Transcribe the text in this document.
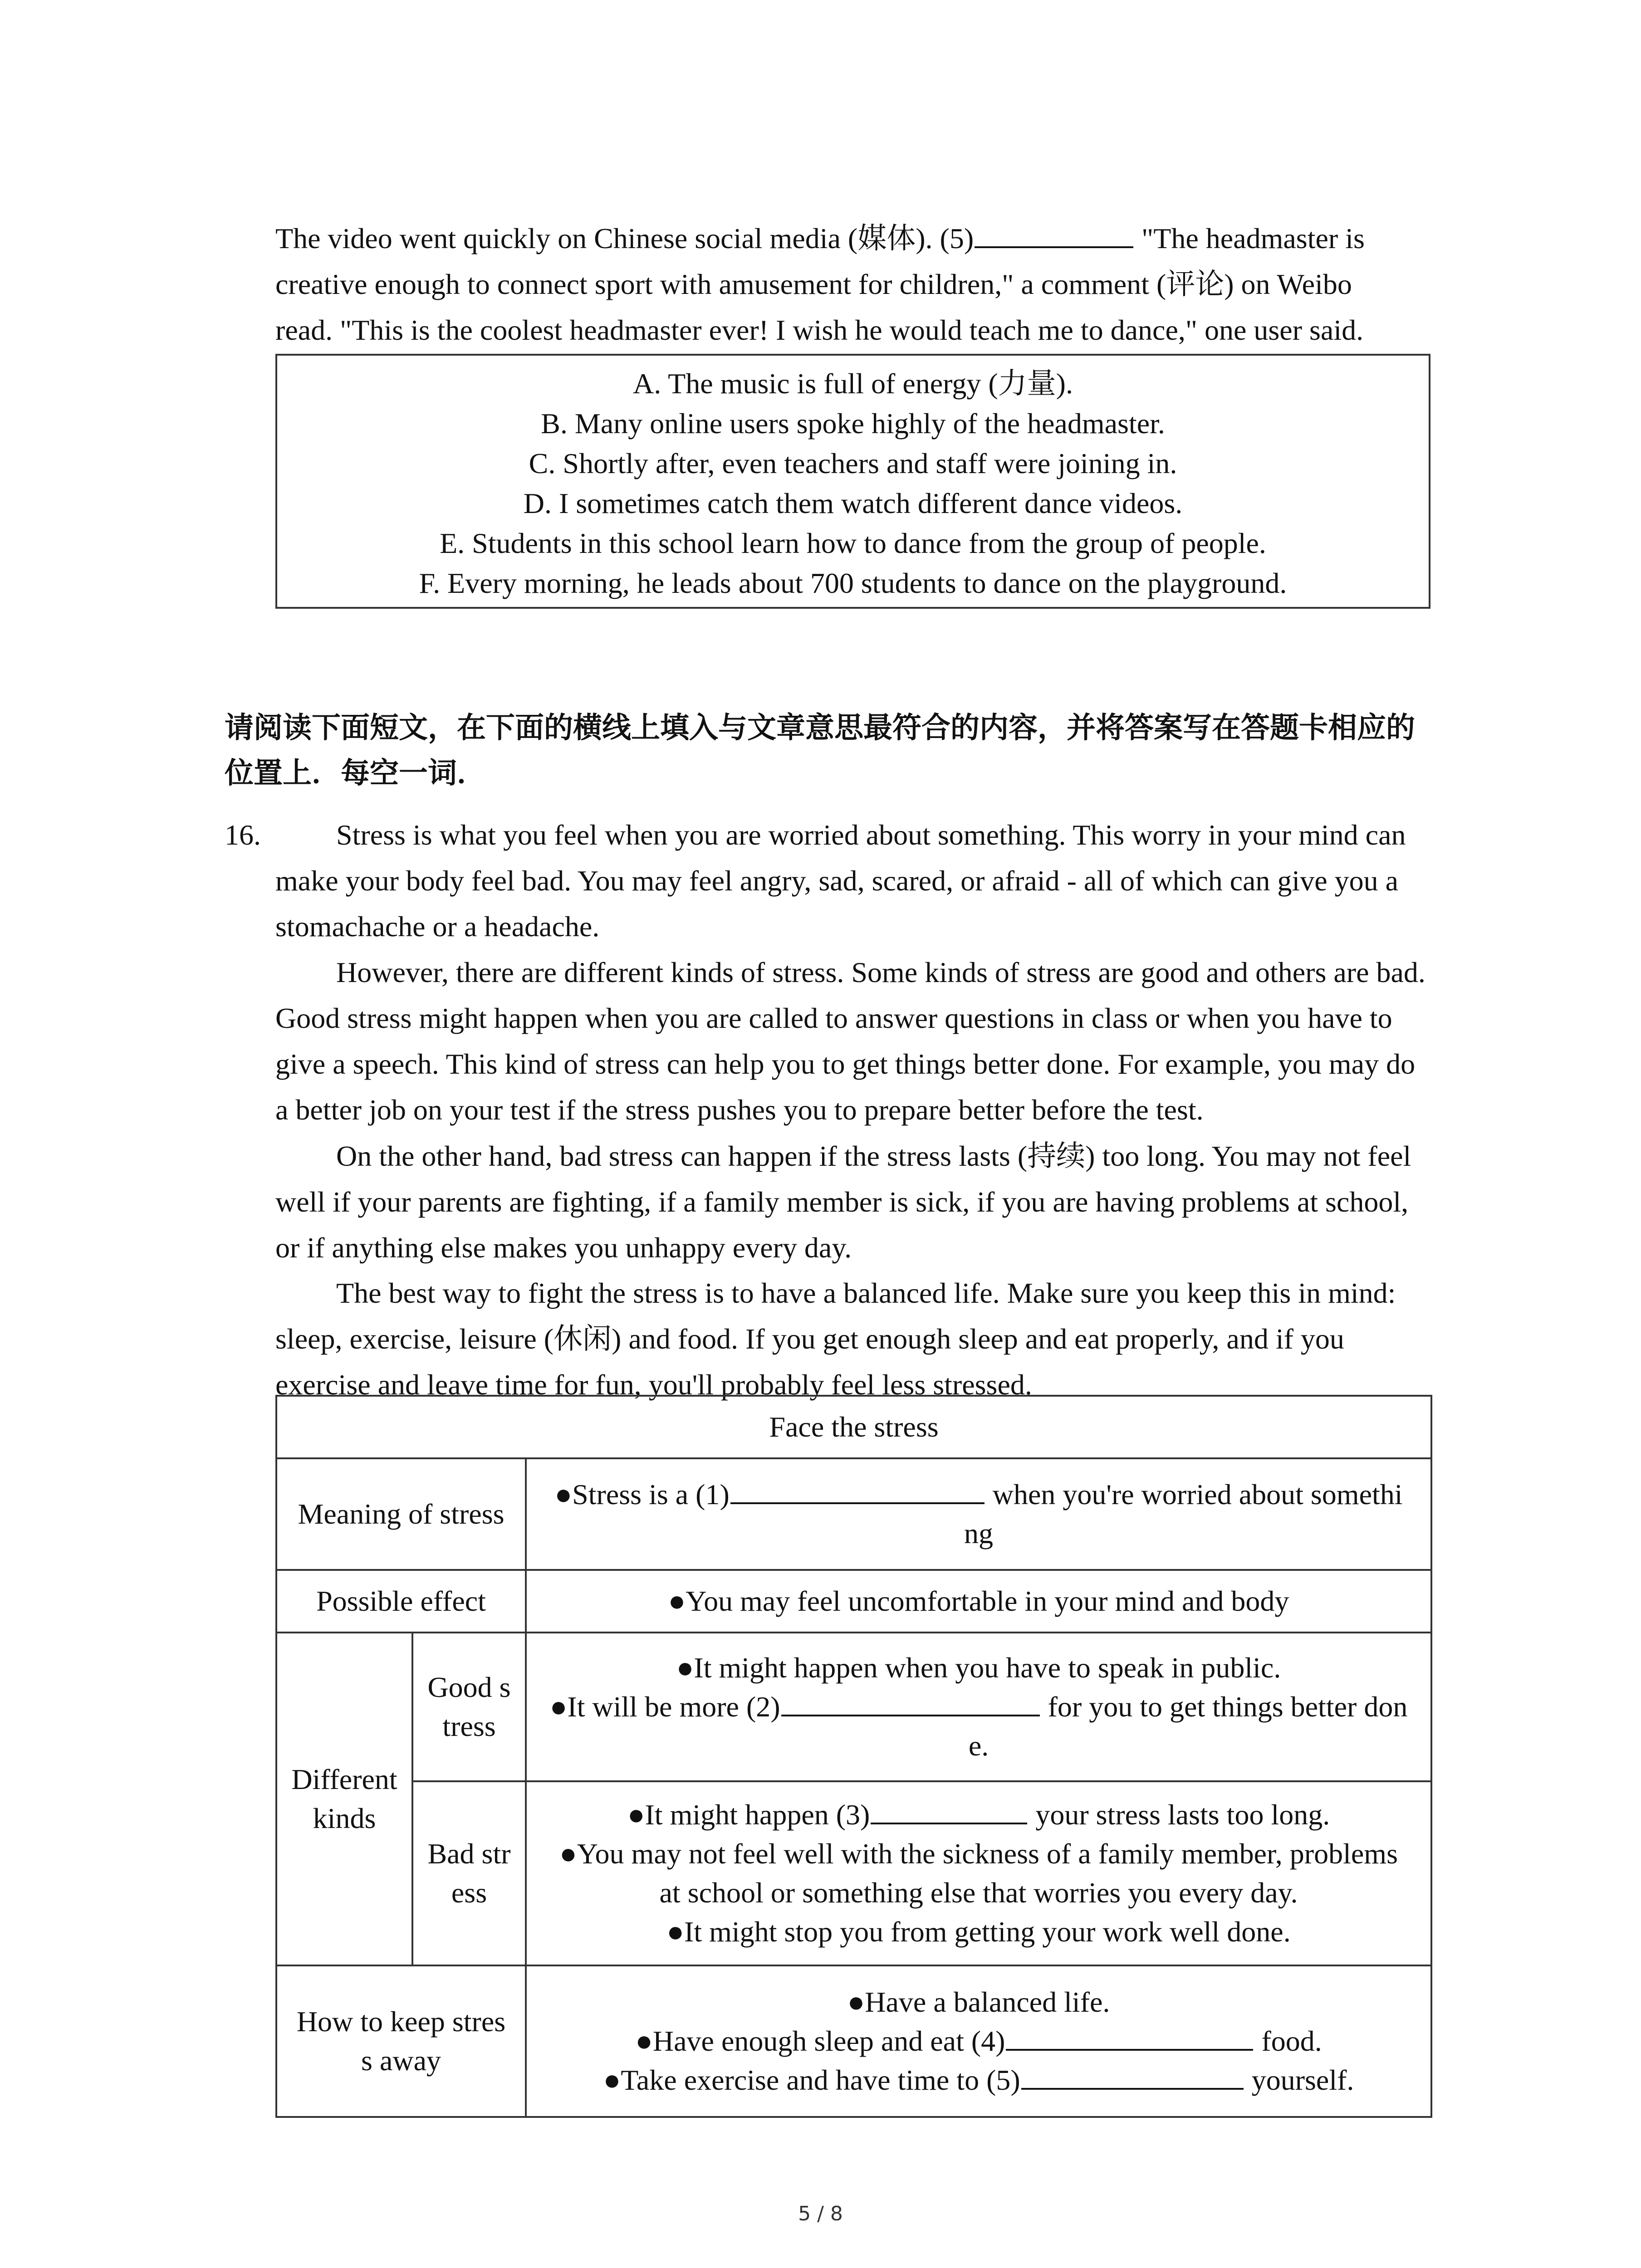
The video went quickly on Chinese social media (媒体). (5)	"The headmaster is
creative enough to connect sport with amusement for children," a comment (评论) on Weibo
read. "This is the coolest headmaster ever! I wish he would teach me to dance," one user said.

A. The music is full of energy (力量).
B. Many online users spoke highly of the headmaster.
C. Shortly after, even teachers and staff were joining in.
D. I sometimes catch them watch different dance videos.
E. Students in this school learn how to dance from the group of people.
F. Every morning, he leads about 700 students to dance on the playground.

请阅读下面短文，在下面的横线上填入与文章意思最符合的内容，并将答案写在答题卡相应的位置上．每空一词．

16.	Stress is what you feel when you are worried about something. This worry in your mind can make your body feel bad. You may feel angry, sad, scared, or afraid - all of which can give you a stomachache or a headache.

However, there are different kinds of stress. Some kinds of stress are good and others are bad. Good stress might happen when you are called to answer questions in class or when you have to give a speech. This kind of stress can help you to get things better done. For example, you may do a better job on your test if the stress pushes you to prepare better before the test.

On the other hand, bad stress can happen if the stress lasts (持续) too long. You may not feel well if your parents are fighting, if a family member is sick, if you are having problems at school, or if anything else makes you unhappy every day.

The best way to fight the stress is to have a balanced life. Make sure you keep this in mind: sleep, exercise, leisure (休闲) and food. If you get enough sleep and eat properly, and if you exercise and leave time for fun, you'll probably feel less stressed.

Face the stress		
Meaning of stress		●Stress is a (1) when you're worried about somethi
ng
Possible effect		●You may feel uncomfortable in your mind and body
Different
kinds	Good s
tress	●It might happen when you have to speak in public.
●It will be more (2) for you to get things better don
e.
	Bad str
ess	●It might happen (3) your stress lasts too long.
●You may not feel well with the sickness of a family member, problems
at school or something else that worries you every day.
●It might stop you from getting your work well done.
How to keep stres
s away		●Have a balanced life.
●Have enough sleep and eat (4) food.
●Take exercise and have time to (5) yourself.
5 / 8
